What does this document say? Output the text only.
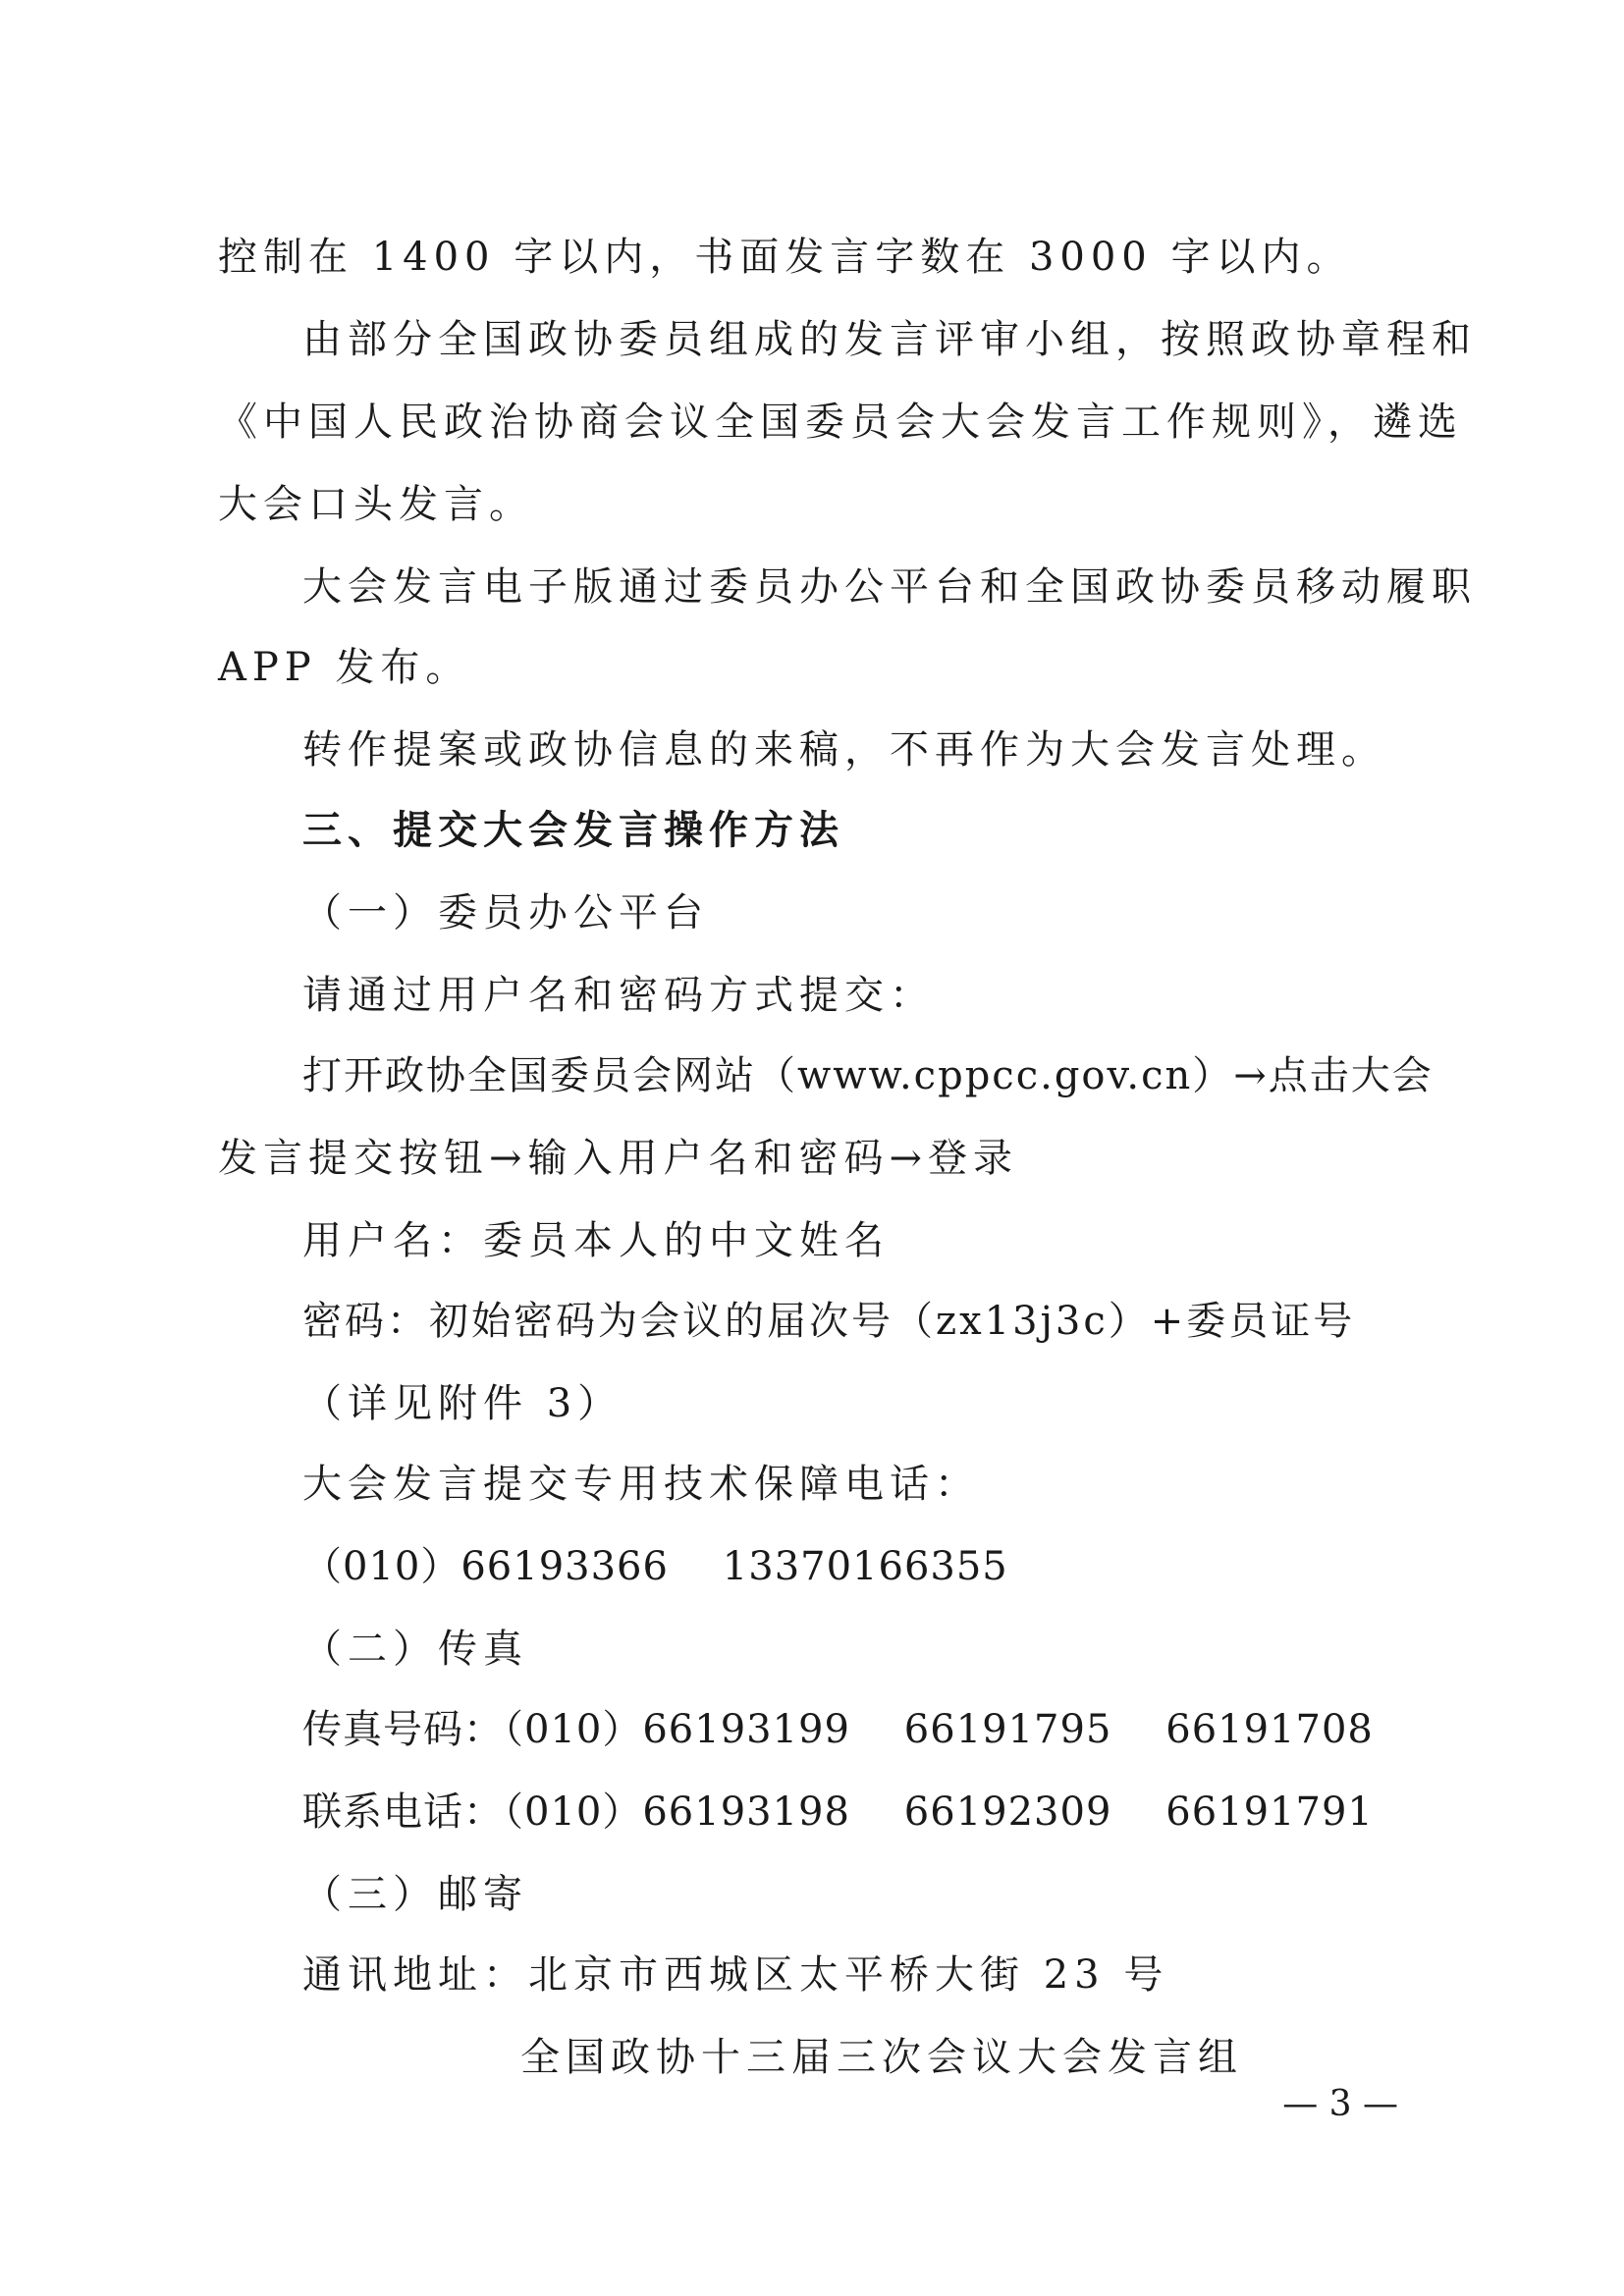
控制在 1400 字以内，书面发言字数在 3000 字以内。
由部分全国政协委员组成的发言评审小组，按照政协章程和
《中国人民政治协商会议全国委员会大会发言工作规则》，遴选
大会口头发言。
大会发言电子版通过委员办公平台和全国政协委员移动履职
APP 发布。
转作提案或政协信息的来稿，不再作为大会发言处理。
三、提交大会发言操作方法
（一）委员办公平台
请通过用户名和密码方式提交：
打开政协全国委员会网站（www.cppcc.gov.cn）→点击大会
发言提交按钮→输入用户名和密码→登录
用户名：委员本人的中文姓名
密码：初始密码为会议的届次号（zx13j3c）+委员证号
（详见附件 3）
大会发言提交专用技术保障电话：
（010）66193366    13370166355
（二）传真
传真号码：（010）66193199    66191795    66191708
联系电话：（010）66193198    66192309    66191791
（三）邮寄
通讯地址：北京市西城区太平桥大街 23 号
全国政协十三届三次会议大会发言组
— 3 —
